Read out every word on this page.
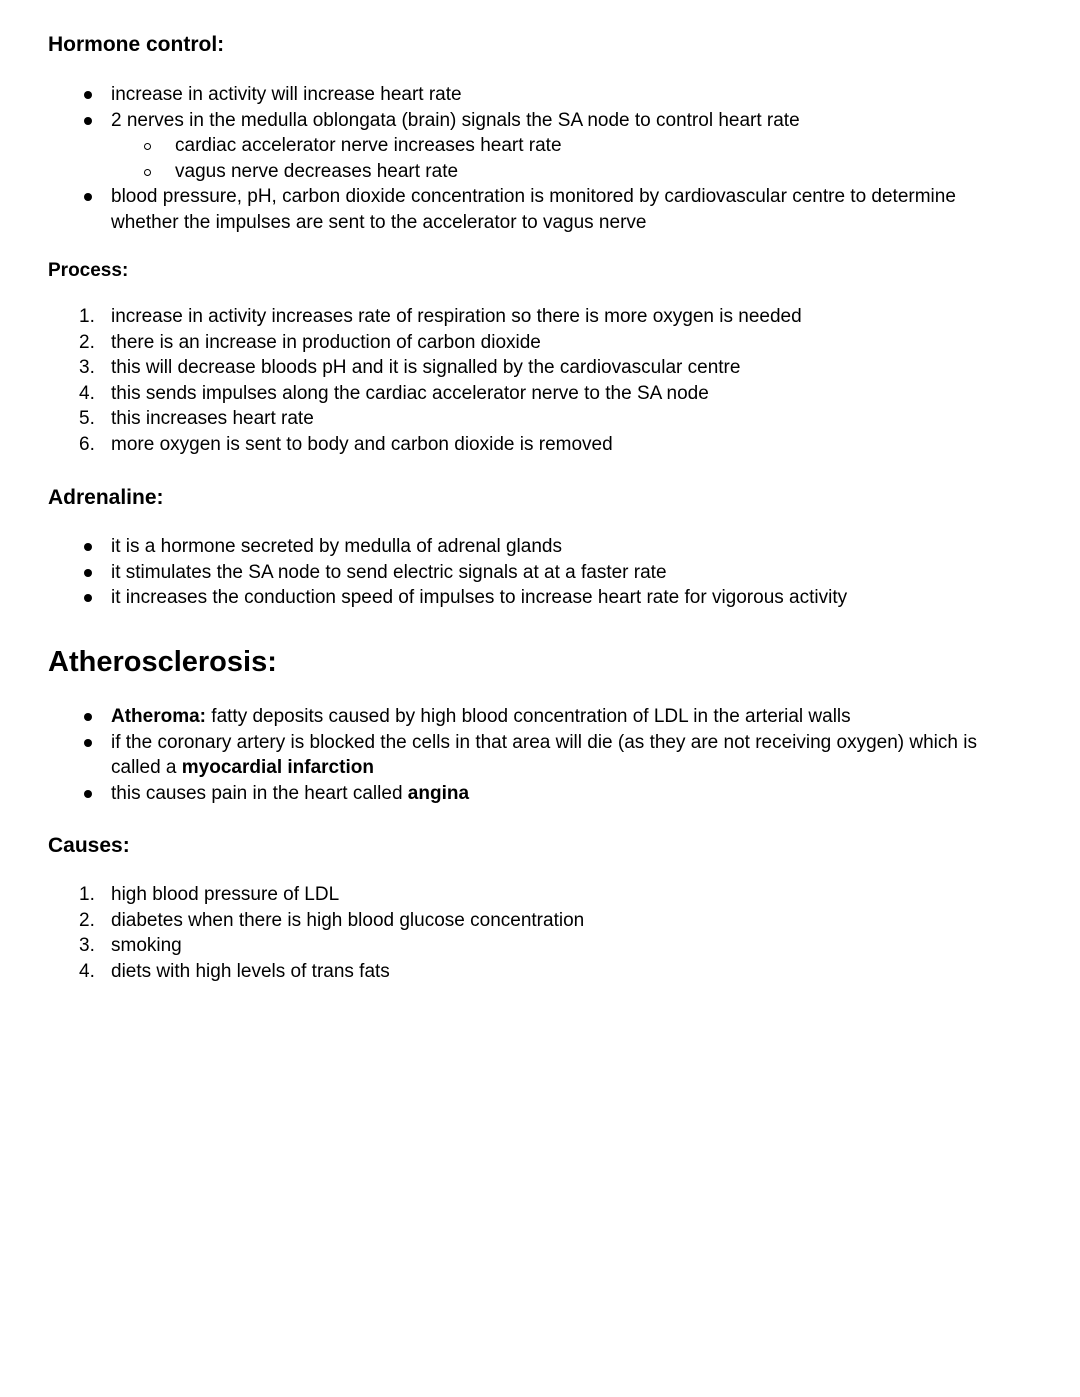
Hormone control:
increase in activity will increase heart rate
2 nerves in the medulla oblongata (brain) signals the SA node to control heart rate
cardiac accelerator nerve increases heart rate
vagus nerve decreases heart rate
blood pressure, pH, carbon dioxide concentration is monitored by cardiovascular centre to determine
whether the impulses are sent to the accelerator to vagus nerve
Process:
1. increase in activity increases rate of respiration so there is more oxygen is needed
2. there is an increase in production of carbon dioxide
3. this will decrease bloods pH and it is signalled by the cardiovascular centre
4. this sends impulses along the cardiac accelerator nerve to the SA node
5. this increases heart rate
6. more oxygen is sent to body and carbon dioxide is removed
Adrenaline:
it is a hormone secreted by medulla of adrenal glands
it stimulates the SA node to send electric signals at at a faster rate
it increases the conduction speed of impulses to increase heart rate for vigorous activity
Atherosclerosis:
Atheroma: fatty deposits caused by high blood concentration of LDL in the arterial walls
if the coronary artery is blocked the cells in that area will die (as they are not receiving oxygen) which is
called a myocardial infarction
this causes pain in the heart called angina
Causes:
1. high blood pressure of LDL
2. diabetes when there is high blood glucose concentration
3. smoking
4. diets with high levels of trans fats
